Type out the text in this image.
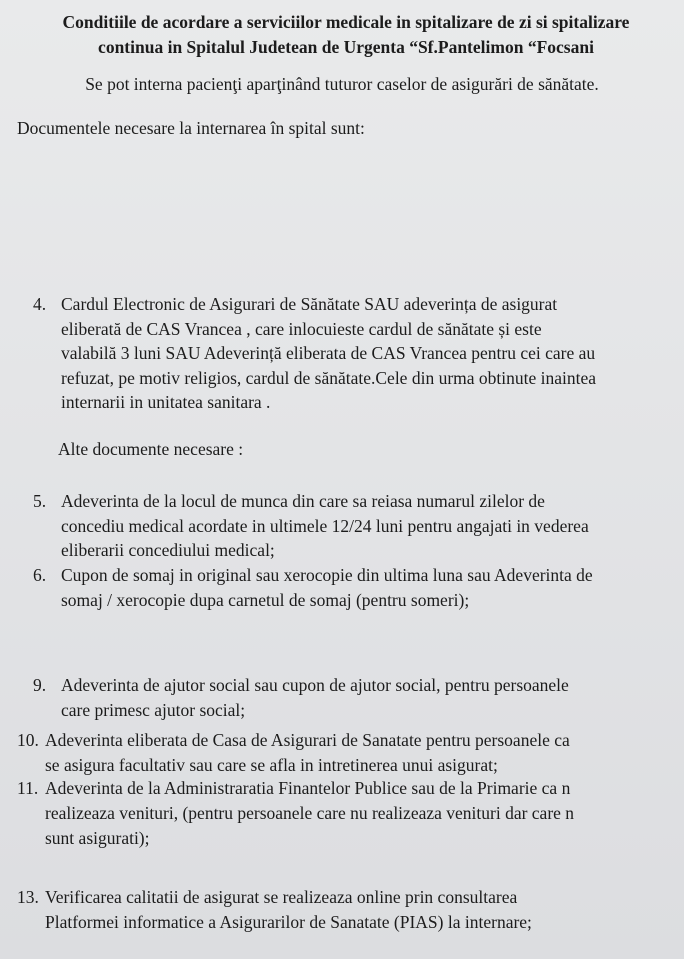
Conditiile de acordare a serviciilor medicale in spitalizare de zi si spitalizare
continua in Spitalul Judetean de Urgenta “Sf.Pantelimon “Focsani
Se pot interna pacienţi aparţinând tuturor caselor de asigurări de sănătate.
Documentele necesare la internarea în spital sunt:
4. Cardul Electronic de Asigurari de Sănătate SAU adeverința de asigurat
eliberată de CAS Vrancea , care inlocuieste cardul de sănătate și este
valabilă 3 luni SAU Adeverință eliberata de CAS Vrancea pentru cei care au
refuzat, pe motiv religios, cardul de sănătate.Cele din urma obtinute inaintea
internarii in unitatea sanitara .
Alte documente necesare :
5. Adeverinta de la locul de munca din care sa reiasa numarul zilelor de
concediu medical acordate in ultimele 12/24 luni pentru angajati in vederea
eliberarii concediului medical;
6. Cupon de somaj in original sau xerocopie din ultima luna sau Adeverinta de
somaj / xerocopie dupa carnetul de somaj (pentru someri);
9. Adeverinta de ajutor social sau cupon de ajutor social, pentru persoanele
care primesc ajutor social;
10. Adeverinta eliberata de Casa de Asigurari de Sanatate pentru persoanele ca
se asigura facultativ sau care se afla in intretinerea unui asigurat;
11. Adeverinta de la Administraratia Finantelor Publice sau de la Primarie ca n
realizeaza venituri, (pentru persoanele care nu realizeaza venituri dar care n
sunt asigurati);
13. Verificarea calitatii de asigurat se realizeaza online prin consultarea
Platformei informatice a Asigurarilor de Sanatate (PIAS) la internare;
